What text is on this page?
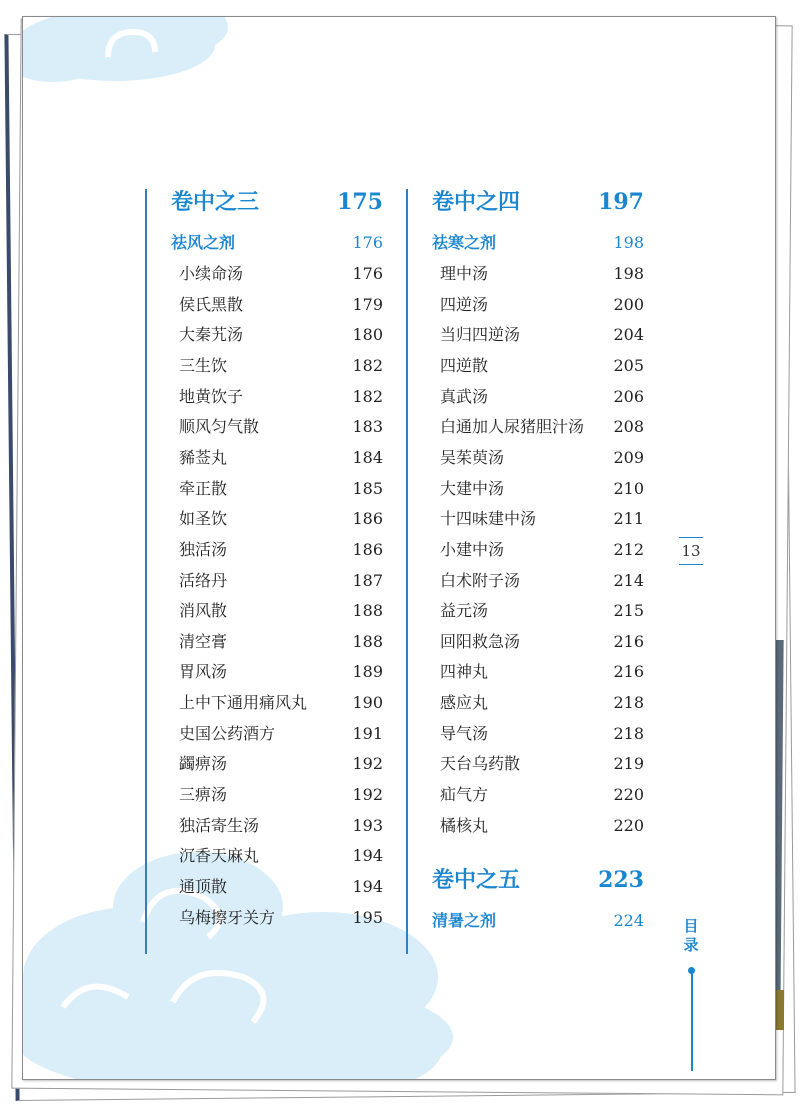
卷中之三	175
祛风之剂	176
小续命汤	176
侯氏黑散	179
大秦艽汤	180
三生饮	182
地黄饮子	182
顺风匀气散	183
豨莶丸	184
牵正散	185
如圣饮	186
独活汤	186
活络丹	187
消风散	188
清空膏	188
胃风汤	189
上中下通用痛风丸	190
史国公药酒方	191
蠲痹汤	192
三痹汤	192
独活寄生汤	193
沉香天麻丸	194
通顶散	194
乌梅擦牙关方	195
卷中之四	197
祛寒之剂	198
理中汤	198
四逆汤	200
当归四逆汤	204
四逆散	205
真武汤	206
白通加人尿猪胆汁汤 208
吴茱萸汤	209
大建中汤	210
十四味建中汤	211
小建中汤	212
白术附子汤	214
益元汤	215
回阳救急汤	216
四神丸	216
感应丸	218
导气汤	218
天台乌药散	219
疝气方	220
橘核丸	220
卷中之五	223
清暑之剂	224
13
目录
